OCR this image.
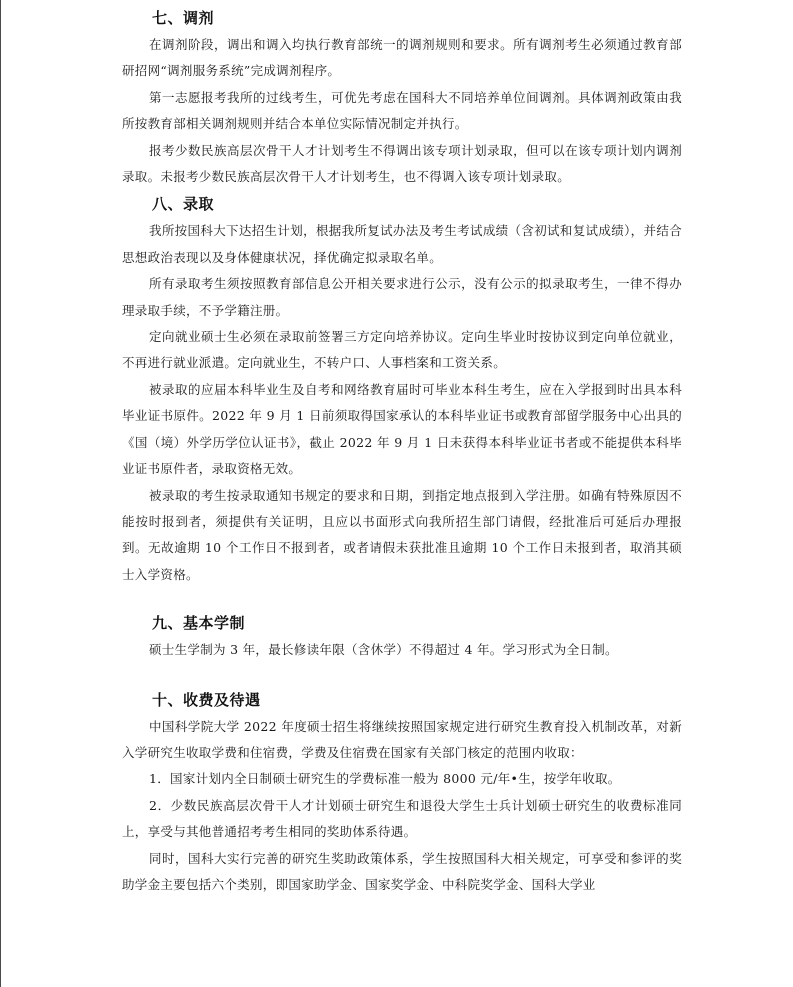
七、调剂

在调剂阶段，调出和调入均执行教育部统一的调剂规则和要求。所有调剂考生必须通过教育部研招网“调剂服务系统”完成调剂程序。

第一志愿报考我所的过线考生，可优先考虑在国科大不同培养单位间调剂。具体调剂政策由我所按教育部相关调剂规则并结合本单位实际情况制定并执行。

报考少数民族高层次骨干人才计划考生不得调出该专项计划录取，但可以在该专项计划内调剂录取。未报考少数民族高层次骨干人才计划考生，也不得调入该专项计划录取。

八、录取

我所按国科大下达招生计划，根据我所复试办法及考生考试成绩（含初试和复试成绩），并结合思想政治表现以及身体健康状况，择优确定拟录取名单。

所有录取考生须按照教育部信息公开相关要求进行公示，没有公示的拟录取考生，一律不得办理录取手续，不予学籍注册。

定向就业硕士生必须在录取前签署三方定向培养协议。定向生毕业时按协议到定向单位就业，不再进行就业派遣。定向就业生，不转户口、人事档案和工资关系。

被录取的应届本科毕业生及自考和网络教育届时可毕业本科生考生，应在入学报到时出具本科毕业证书原件。2022 年 9 月 1 日前须取得国家承认的本科毕业证书或教育部留学服务中心出具的《国（境）外学历学位认证书》，截止 2022 年 9 月 1 日未获得本科毕业证书者或不能提供本科毕业证书原件者，录取资格无效。

被录取的考生按录取通知书规定的要求和日期，到指定地点报到入学注册。如确有特殊原因不能按时报到者，须提供有关证明，且应以书面形式向我所招生部门请假，经批准后可延后办理报到。无故逾期 10 个工作日不报到者，或者请假未获批准且逾期 10 个工作日未报到者，取消其硕士入学资格。

九、基本学制

硕士生学制为 3 年，最长修读年限（含休学）不得超过 4 年。学习形式为全日制。

十、收费及待遇

中国科学院大学 2022 年度硕士招生将继续按照国家规定进行研究生教育投入机制改革，对新入学研究生收取学费和住宿费，学费及住宿费在国家有关部门核定的范围内收取：

1．国家计划内全日制硕士研究生的学费标准一般为 8000 元/年•生，按学年收取。

2．少数民族高层次骨干人才计划硕士研究生和退役大学生士兵计划硕士研究生的收费标准同上，享受与其他普通招考考生相同的奖助体系待遇。

同时，国科大实行完善的研究生奖助政策体系，学生按照国科大相关规定，可享受和参评的奖助学金主要包括六个类别，即国家助学金、国家奖学金、中科院奖学金、国科大学业
